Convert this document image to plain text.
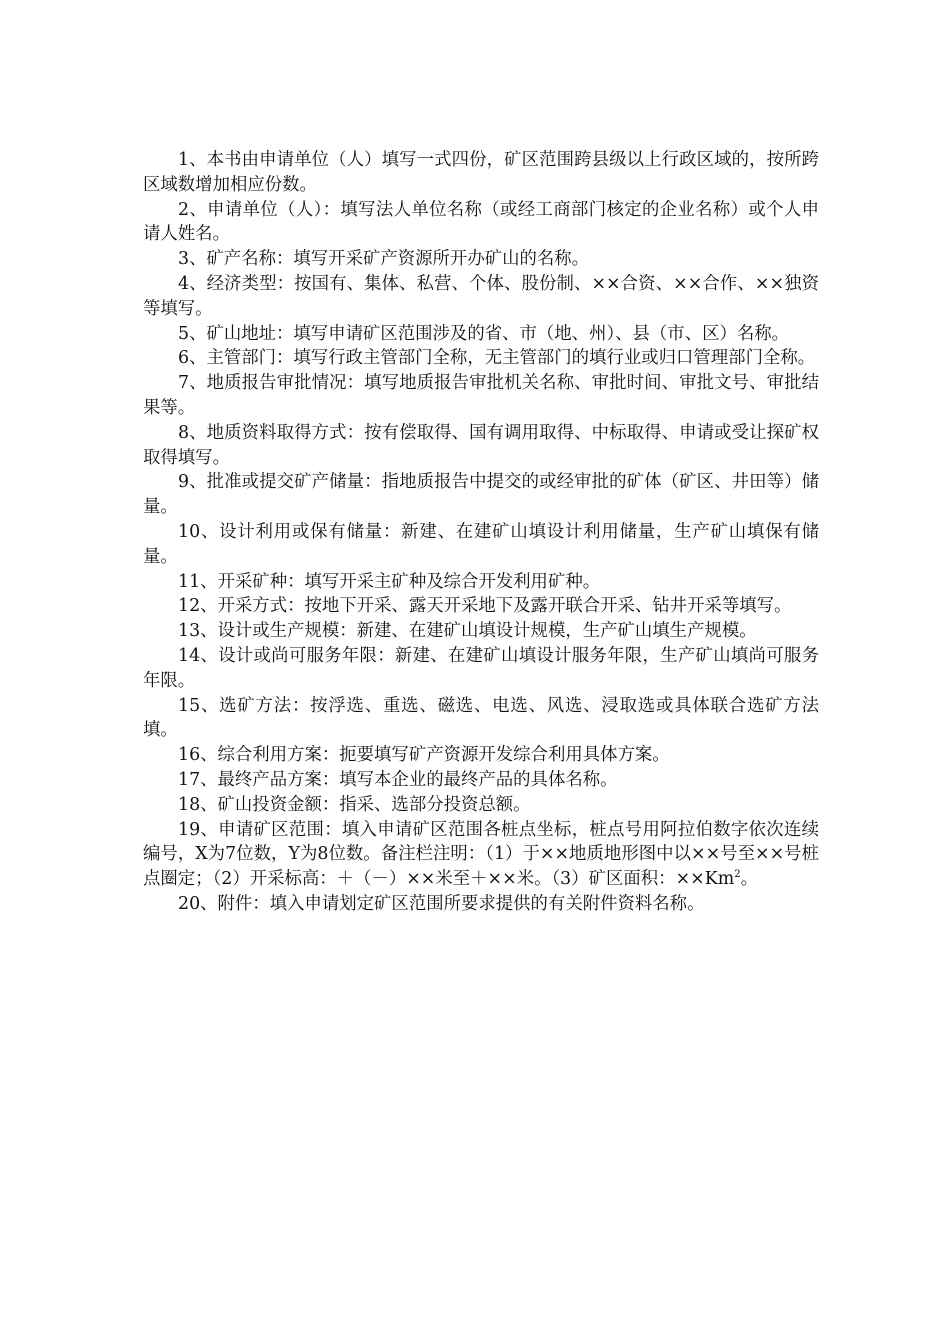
1、本书由申请单位（人）填写一式四份，矿区范围跨县级以上行政区域的，按所跨区域数增加相应份数。

2、申请单位（人）：填写法人单位名称（或经工商部门核定的企业名称）或个人申请人姓名。

3、矿产名称：填写开采矿产资源所开办矿山的名称。

4、经济类型：按国有、集体、私营、个体、股份制、××合资、××合作、××独资等填写。

5、矿山地址：填写申请矿区范围涉及的省、市（地、州）、县（市、区）名称。

6、主管部门：填写行政主管部门全称，无主管部门的填行业或归口管理部门全称。

7、地质报告审批情况：填写地质报告审批机关名称、审批时间、审批文号、审批结果等。

8、地质资料取得方式：按有偿取得、国有调用取得、中标取得、申请或受让探矿权取得填写。

9、批准或提交矿产储量：指地质报告中提交的或经审批的矿体（矿区、井田等）储量。

10、设计利用或保有储量：新建、在建矿山填设计利用储量，生产矿山填保有储量。

11、开采矿种：填写开采主矿种及综合开发利用矿种。

12、开采方式：按地下开采、露天开采地下及露开联合开采、钻井开采等填写。

13、设计或生产规模：新建、在建矿山填设计规模，生产矿山填生产规模。

14、设计或尚可服务年限：新建、在建矿山填设计服务年限，生产矿山填尚可服务年限。

15、选矿方法：按浮选、重选、磁选、电选、风选、浸取选或具体联合选矿方法填。

16、综合利用方案：扼要填写矿产资源开发综合利用具体方案。

17、最终产品方案：填写本企业的最终产品的具体名称。

18、矿山投资金额：指采、选部分投资总额。

19、申请矿区范围：填入申请矿区范围各桩点坐标，桩点号用阿拉伯数字依次连续编号，X为7位数，Y为8位数。备注栏注明：（1）于××地质地形图中以××号至××号桩点圈定；（2）开采标高：＋（－）××米至＋××米。（3）矿区面积：$\times\times Km^2$。

20、附件：填入申请划定矿区范围所要求提供的有关附件资料名称。
